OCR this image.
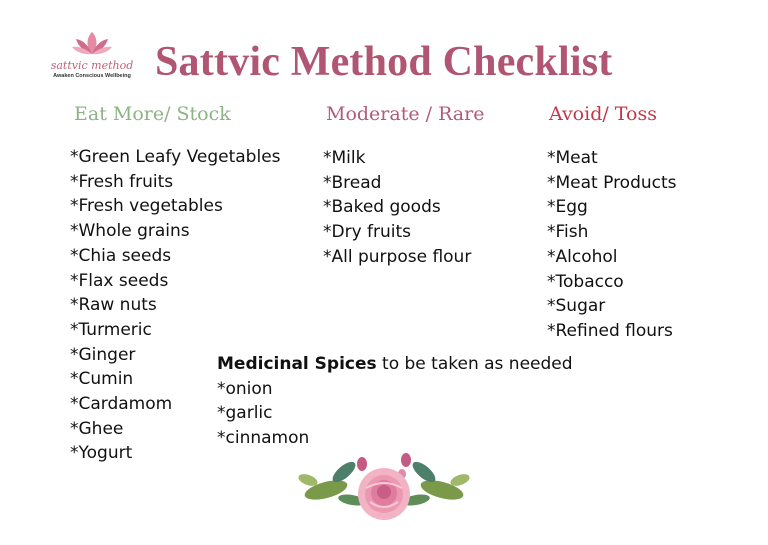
sattvic method
Awaken Conscious Wellbeing Sattvic Method Checklist
Eat More/ Stock	Moderate / Rare	Avoid/ Toss
*Green Leafy Vegetables
*Fresh fruits
*Fresh vegetables
*Whole grains
*Chia seeds
*Flax seeds
*Raw nuts
*Turmeric
*Ginger
*Cumin
*Cardamom
*Ghee
*Yogurt
*Milk
*Bread
*Baked goods
*Dry fruits
*All purpose flour
*Meat
*Meat Products
*Egg
*Fish
*Alcohol
*Tobacco
*Sugar
*Refined flours
Medicinal Spices to be taken as needed
*onion
*garlic
*cinnamon
